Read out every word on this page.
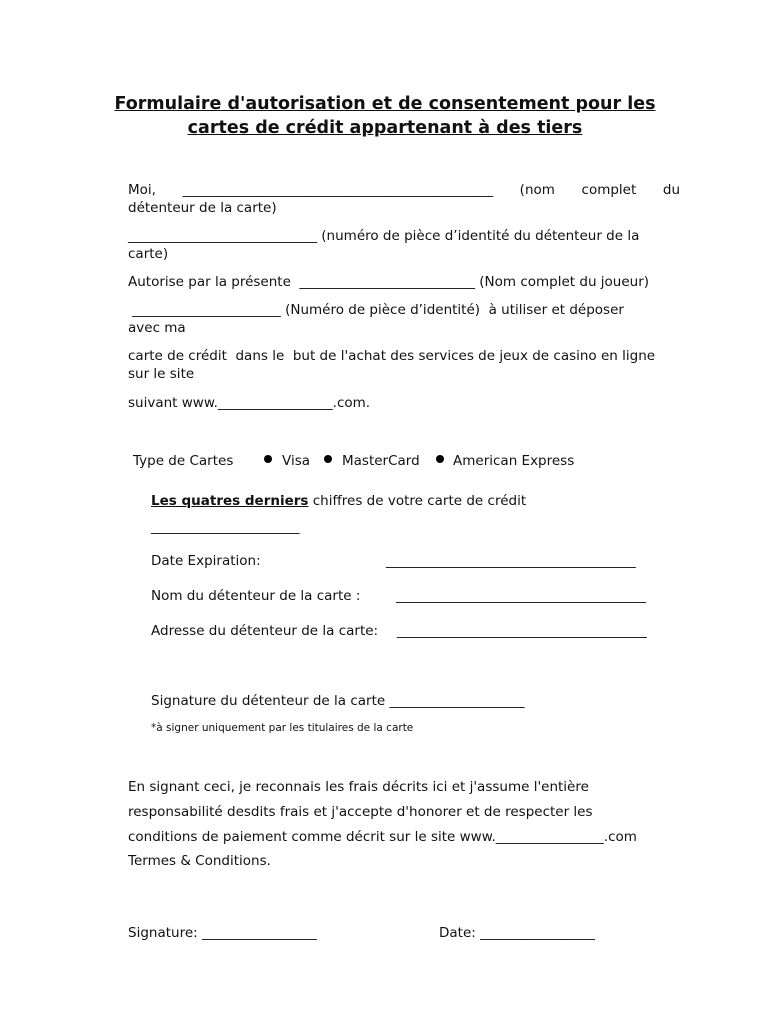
Formulaire d'autorisation et de consentement pour les
cartes de crédit appartenant à des tiers
Moi, ______________________________________________ (nom complet du
détenteur de la carte)
____________________________ (numéro de pièce d’identité du détenteur de la
carte)
Autorise par la présente  __________________________ (Nom complet du joueur)
______________________ (Numéro de pièce d’identité)  à utiliser et déposer
avec ma
carte de crédit  dans le  but de l'achat des services de jeux de casino en ligne
sur le site
suivant www._________________.com.
Type de Cartes	Visa MasterCard American Express
Les quatres derniers chiffres de votre carte de crédit
______________________
Date Expiration:	_____________________________________
Nom du détenteur de la carte :	_____________________________________
Adresse du détenteur de la carte: _____________________________________
Signature du détenteur de la carte ____________________
*à signer uniquement par les titulaires de la carte
En signant ceci, je reconnais les frais décrits ici et j'assume l'entière
responsabilité desdits frais et j'accepte d'honorer et de respecter les
conditions de paiement comme décrit sur le site www.________________.com
Termes & Conditions.
Signature: _________________	Date: _________________
